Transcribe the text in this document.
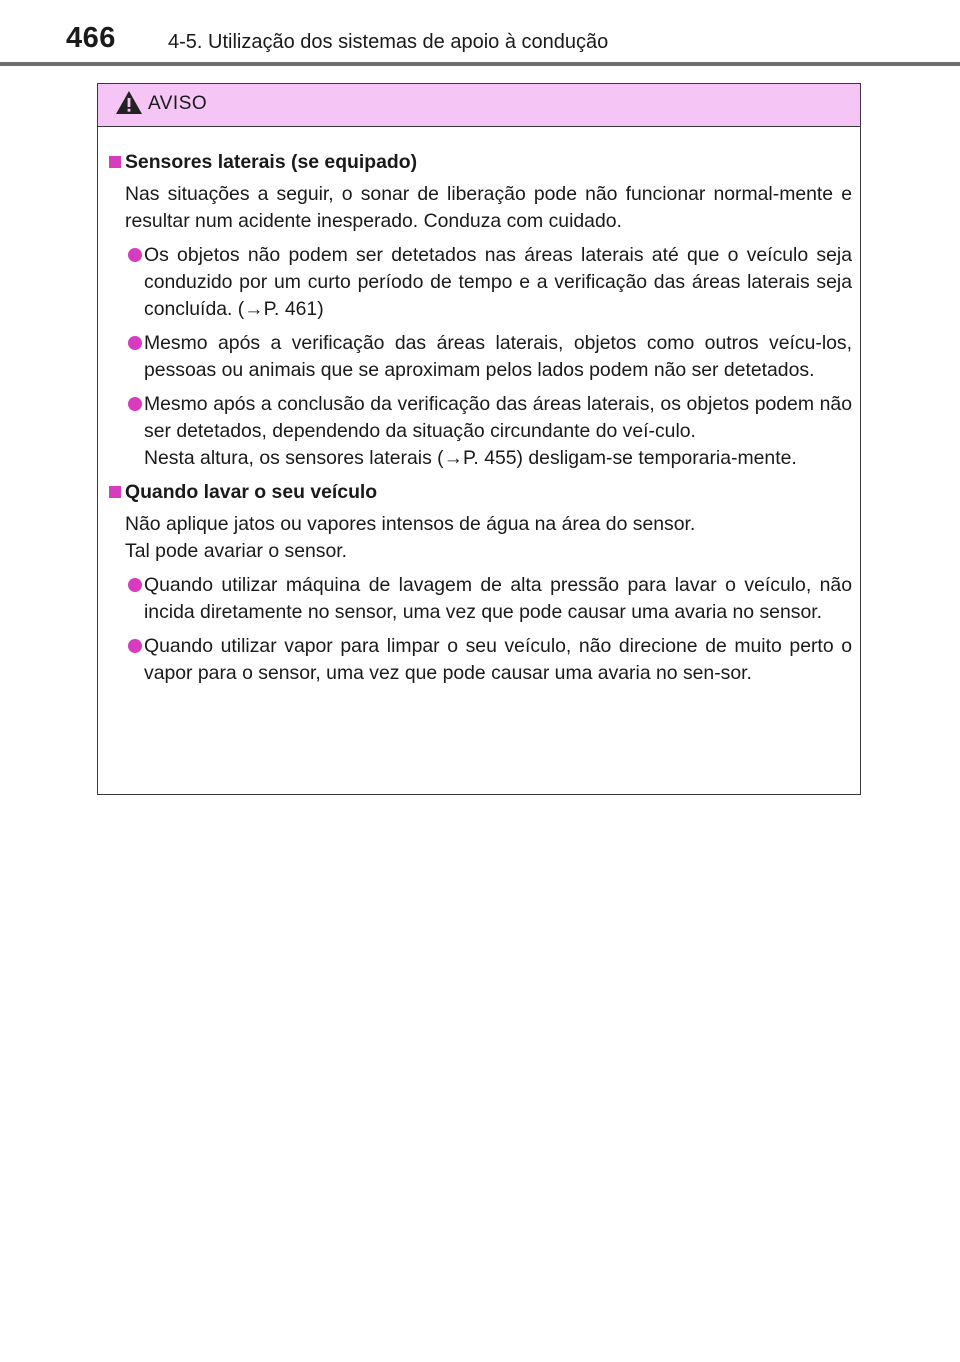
466	4-5. Utilização dos sistemas de apoio à condução
AVISO
Sensores laterais (se equipado)

Nas situações a seguir, o sonar de liberação pode não funcionar normal-mente e resultar num acidente inesperado. Conduza com cuidado.

Os objetos não podem ser detetados nas áreas laterais até que o veículo seja conduzido por um curto período de tempo e a verificação das áreas laterais seja concluída. (→P. 461)

Mesmo após a verificação das áreas laterais, objetos como outros veícu-los, pessoas ou animais que se aproximam pelos lados podem não ser detetados.

Mesmo após a conclusão da verificação das áreas laterais, os objetos podem não ser detetados, dependendo da situação circundante do veí-culo.

Nesta altura, os sensores laterais (→P. 455) desligam-se temporaria-mente.

Quando lavar o seu veículo

Não aplique jatos ou vapores intensos de água na área do sensor.

Tal pode avariar o sensor.

Quando utilizar máquina de lavagem de alta pressão para lavar o veículo, não incida diretamente no sensor, uma vez que pode causar uma avaria no sensor.

Quando utilizar vapor para limpar o seu veículo, não direcione de muito perto o vapor para o sensor, uma vez que pode causar uma avaria no sen-sor.
